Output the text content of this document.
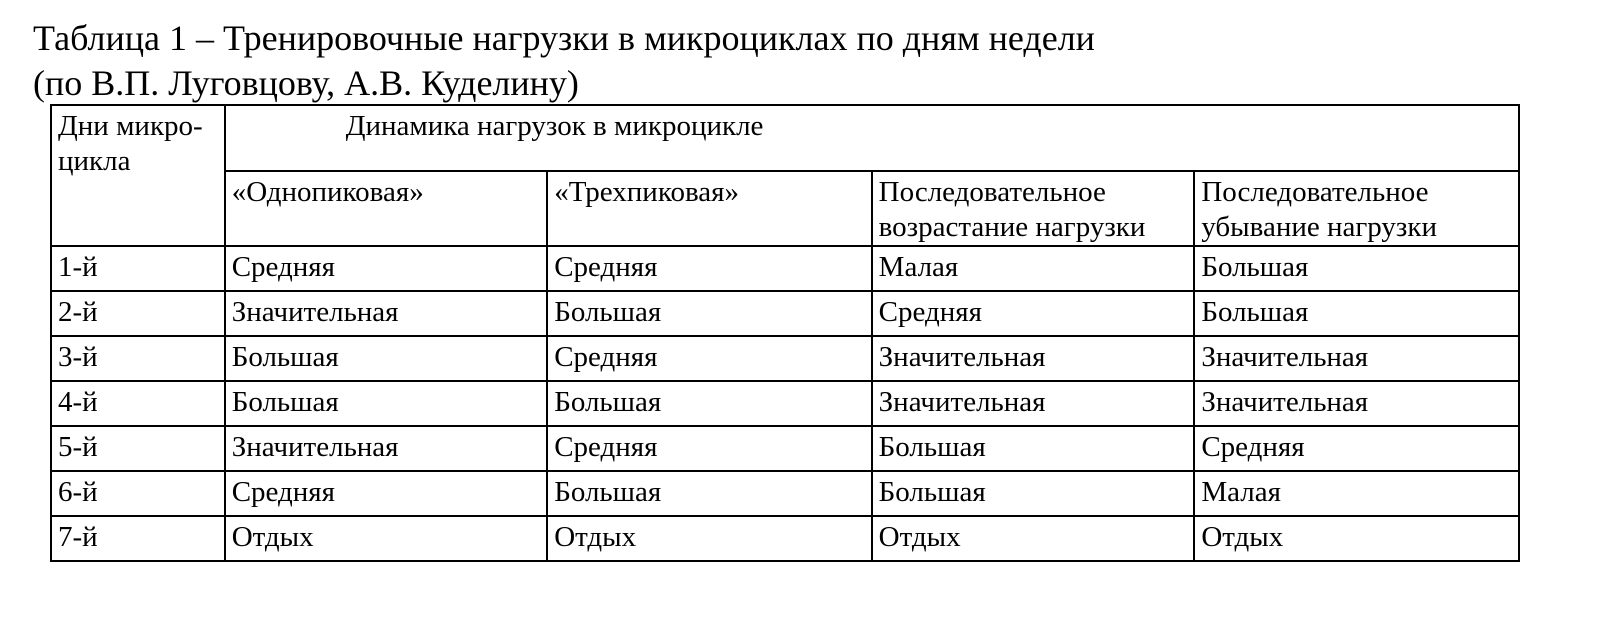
Таблица 1 – Тренировочные нагрузки в микроциклах по дням недели
(по В.П. Луговцову, А.В. Куделину)
Дни микро-
цикла	Динамика нагрузок в микроцикле			
	«Однопиковая»	«Трехпиковая»	Последовательное возрастание нагрузки	Последовательное убывание нагрузки
1-й	Средняя	Средняя	Малая	Большая
2-й	Значительная	Большая	Средняя	Большая
3-й	Большая	Средняя	Значительная	Значительная
4-й	Большая	Большая	Значительная	Значительная
5-й	Значительная	Средняя	Большая	Средняя
6-й	Средняя	Большая	Большая	Малая
7-й	Отдых	Отдых	Отдых	Отдых
